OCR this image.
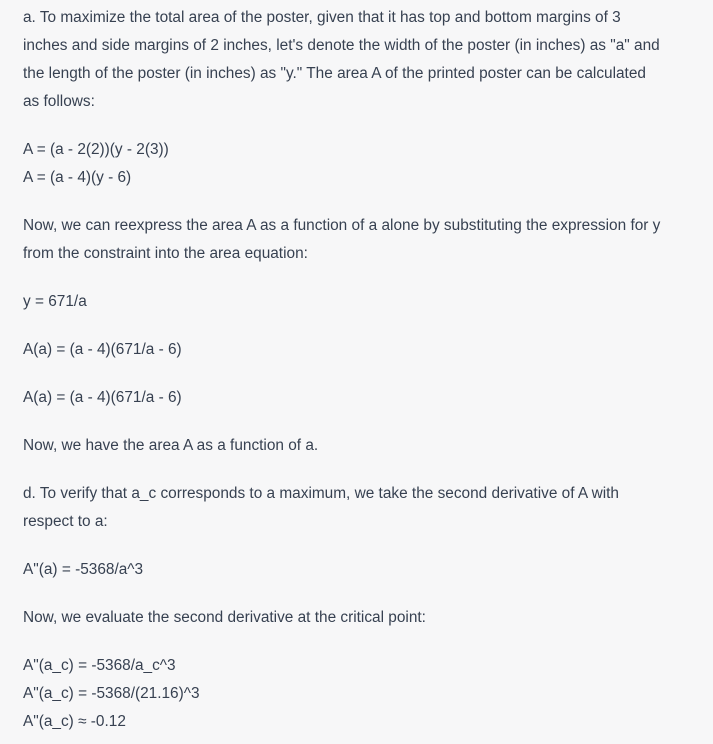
a. To maximize the total area of the poster, given that it has top and bottom margins of 3
inches and side margins of 2 inches, let's denote the width of the poster (in inches) as "a" and
the length of the poster (in inches) as "y." The area A of the printed poster can be calculated
as follows:

A = (a - 2(2))(y - 2(3))
A = (a - 4)(y - 6)

Now, we can reexpress the area A as a function of a alone by substituting the expression for y
from the constraint into the area equation:

y = 671/a

A(a) = (a - 4)(671/a - 6)

A(a) = (a - 4)(671/a - 6)

Now, we have the area A as a function of a.

d. To verify that a_c corresponds to a maximum, we take the second derivative of A with
respect to a:

A"(a) = -5368/a^3

Now, we evaluate the second derivative at the critical point:

A"(a_c) = -5368/a_c^3
A"(a_c) = -5368/(21.16)^3
A"(a_c) ≈ -0.12
